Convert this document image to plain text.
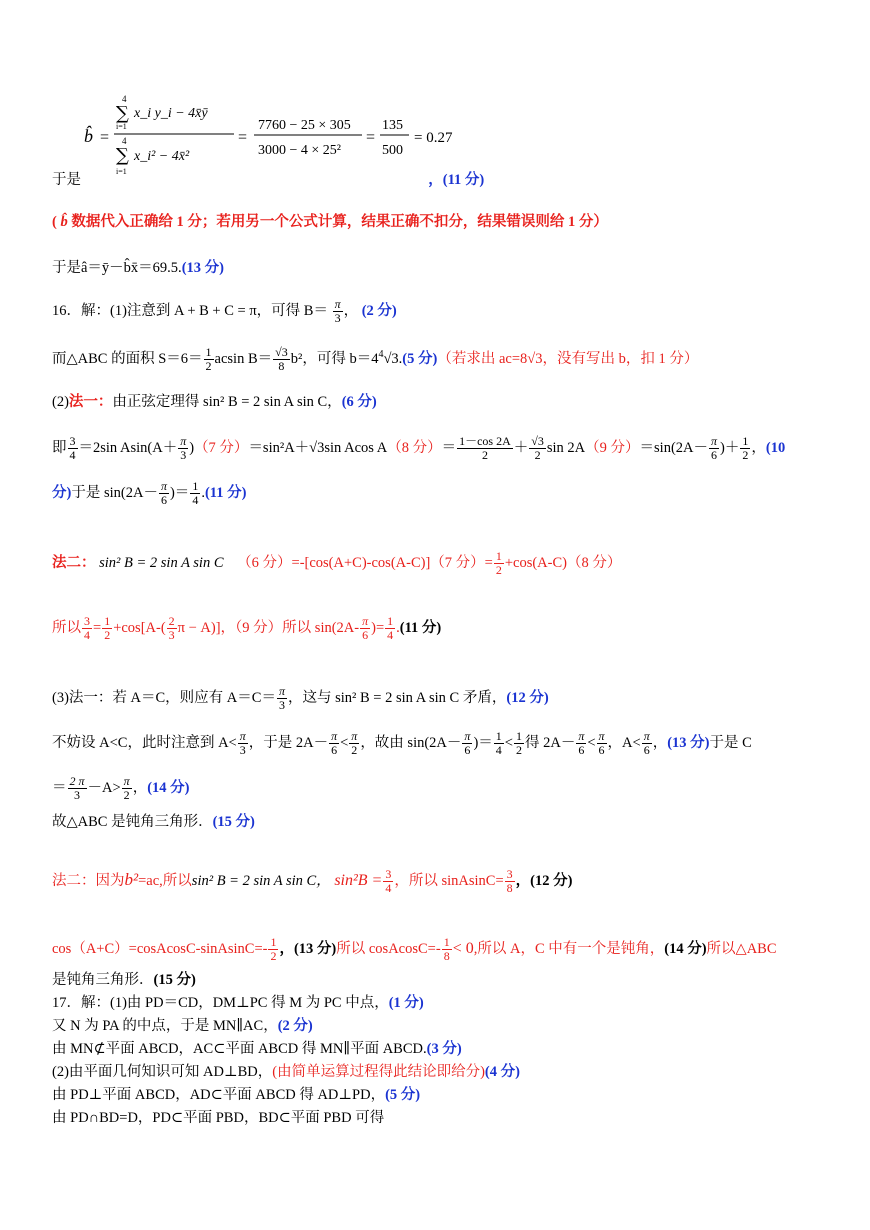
b̂ =
4
∑
i=1
x_i y_i − 4x̄ȳ
4
∑
i=1
x_i² − 4x̄²
=
7760 − 25 × 305
3000 − 4 × 25²
=
135
500
= 0.27
于是	，(11 分)
( b̂ 数据代入正确给 1 分；若用另一个公式计算，结果正确不扣分，结果错误则给 1 分）
于是â＝ȳ－b̂x̄＝69.5.(13 分)
16．解：(1)注意到 A + B + C = π，可得 $B= \frac{\pi}{3}$ ， (2 分)
而△ABC 的面积 $S=6= \frac{1}{2}$ acsin $B= \frac{√3}{8} b^2$，可得 $b=4^4√3.(5$ 分)（若求出 ac=8√3，没有写出 b，扣 1 分）
(2)法一：由正弦定理得 sin² B = 2 sin A sin C，(6 分)
即 $\frac{3}{4} =2\sin$ $Asin(A+ \frac{\pi}{3} )(7$ 分）＝sin²A＋√3sin Acos A（8 分）＝ $\frac{1-\cos 2A}{2} + \frac{√3}{2}$ sin 2A（9 分）$=\sin(2A- \frac{\pi}{6}$ )＋ $\frac{1}{2}$ ，(10
分)于是 $\sin(2A- \frac{\pi}{6}$ )＝ $\frac{1}{4} .(11$ 分)
法二： sin² B = 2 sin A sin C （6 分）=-[cos(A+C)-cos(A-C)]（7 分）= $\frac{1}{2} +\cos(A-C)(8$ 分）
所以 $\frac{3}{4} = \frac{1}{2} +\cos[A-( \frac{2}{3}$ π − A)]，（9 分）所以 $\sin(2A- \frac{\pi}{6}$ )= $\frac{1}{4} .(11$ 分)
(3)法一：若 A＝C，则应有 $A=C= \frac{\pi}{3}$ ，这与 sin² B = 2 sin A sin C 矛盾，(12 分)
不妨设 A<C，此时注意到 $A< \frac{\pi}{3}$ ，于是 $2A- \frac{\pi}{6} < \frac{\pi}{2}$ ，故由 $\sin(2A- \frac{\pi}{6}$ )＝ $\frac{1}{4} < \frac{1}{2}$ 得 $2A- \frac{\pi}{6} < \frac{\pi}{6}$ ，$A< \frac{\pi}{6}$ ，(13 分)于是 C
＝ $\frac{2 \pi}{3} -A> \frac{\pi}{2}$ ，(14 分)
故△ABC 是钝角三角形．(15 分)
法二：因为b²=ac,所以sin² B = 2 sin A sin C， $\sin^2B = \frac{3}{4}$ ，所以 sinAsinC= $\frac{3}{8}$ ，(12 分)
cos（A+C）=cosAcosC-sinAsinC=- $\frac{1}{2}$ ，(13 分)所以 cosAcosC=- $\frac{1}{8} < 0$,所以 A，C 中有一个是钝角，(14 分)所以△ABC
是钝角三角形．(15 分)
17．解：(1)由 PD＝CD，DM⊥PC 得 M 为 PC 中点，(1 分)
又 N 为 PA 的中点，于是 MN∥AC，(2 分)
由 MN⊄平面 ABCD，AC⊂平面 ABCD 得 MN∥平面 ABCD.(3 分)
(2)由平面几何知识可知 AD⊥BD，(由简单运算过程得此结论即给分)(4 分)
由 PD⊥平面 ABCD，AD⊂平面 ABCD 得 AD⊥PD，(5 分)
由 PD∩BD=D，PD⊂平面 PBD，BD⊂平面 PBD 可得
